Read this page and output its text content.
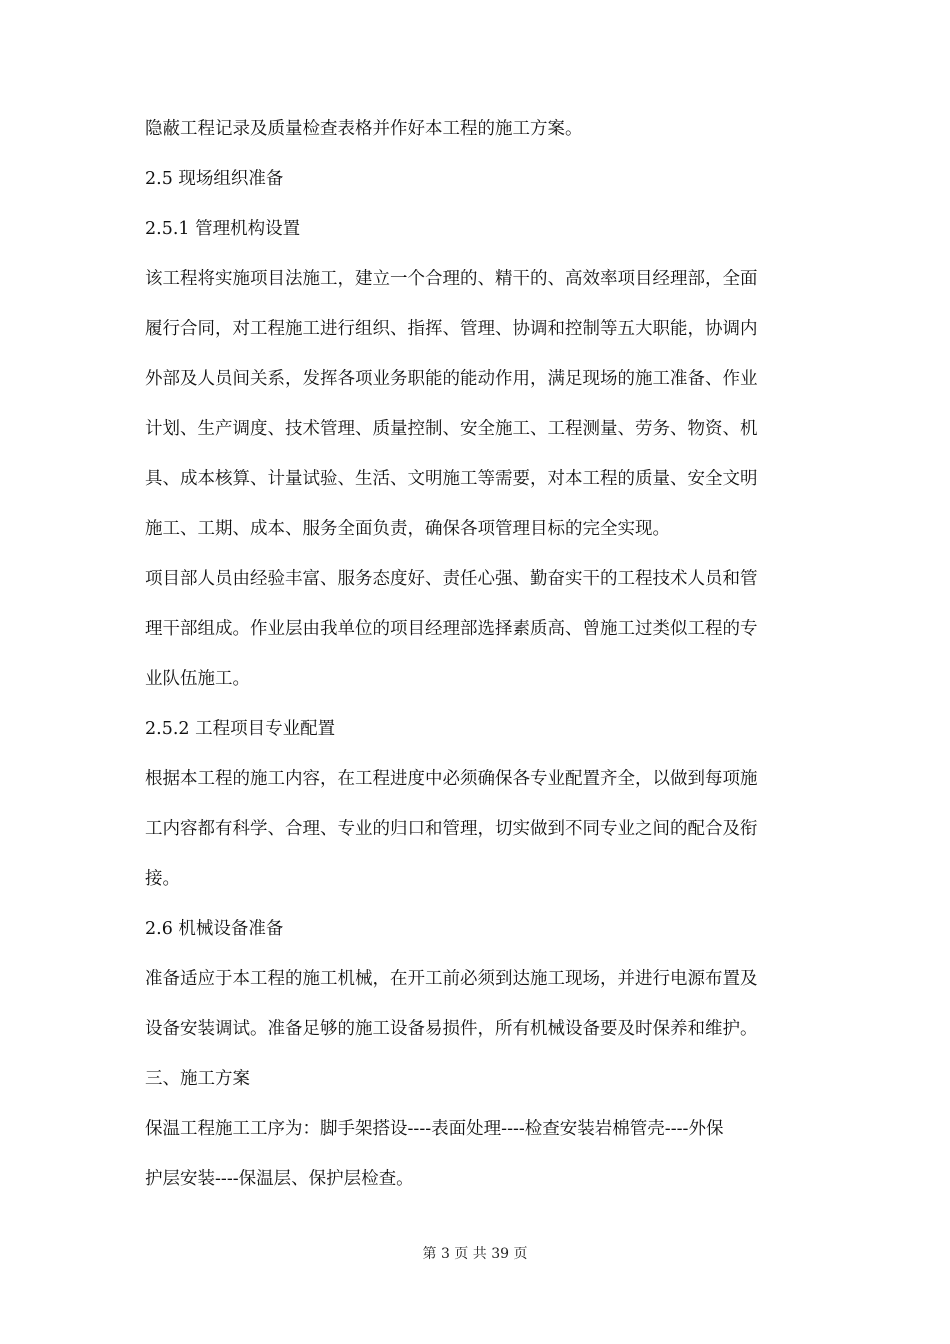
隐蔽工程记录及质量检查表格并作好本工程的施工方案。
2.5 现场组织准备
2.5.1 管理机构设置
该工程将实施项目法施工，建立一个合理的、精干的、高效率项目经理部，全面
履行合同，对工程施工进行组织、指挥、管理、协调和控制等五大职能，协调内
外部及人员间关系，发挥各项业务职能的能动作用，满足现场的施工准备、作业
计划、生产调度、技术管理、质量控制、安全施工、工程测量、劳务、物资、机
具、成本核算、计量试验、生活、文明施工等需要，对本工程的质量、安全文明
施工、工期、成本、服务全面负责，确保各项管理目标的完全实现。
项目部人员由经验丰富、服务态度好、责任心强、勤奋实干的工程技术人员和管
理干部组成。作业层由我单位的项目经理部选择素质高、曾施工过类似工程的专
业队伍施工。
2.5.2 工程项目专业配置
根据本工程的施工内容，在工程进度中必须确保各专业配置齐全，以做到每项施
工内容都有科学、合理、专业的归口和管理，切实做到不同专业之间的配合及衔
接。
2.6 机械设备准备
准备适应于本工程的施工机械，在开工前必须到达施工现场，并进行电源布置及
设备安装调试。准备足够的施工设备易损件，所有机械设备要及时保养和维护。
三、施工方案
保温工程施工工序为：脚手架搭设----表面处理----检查安装岩棉管壳----外保
护层安装----保温层、保护层检查。
第 3 页 共 39 页
